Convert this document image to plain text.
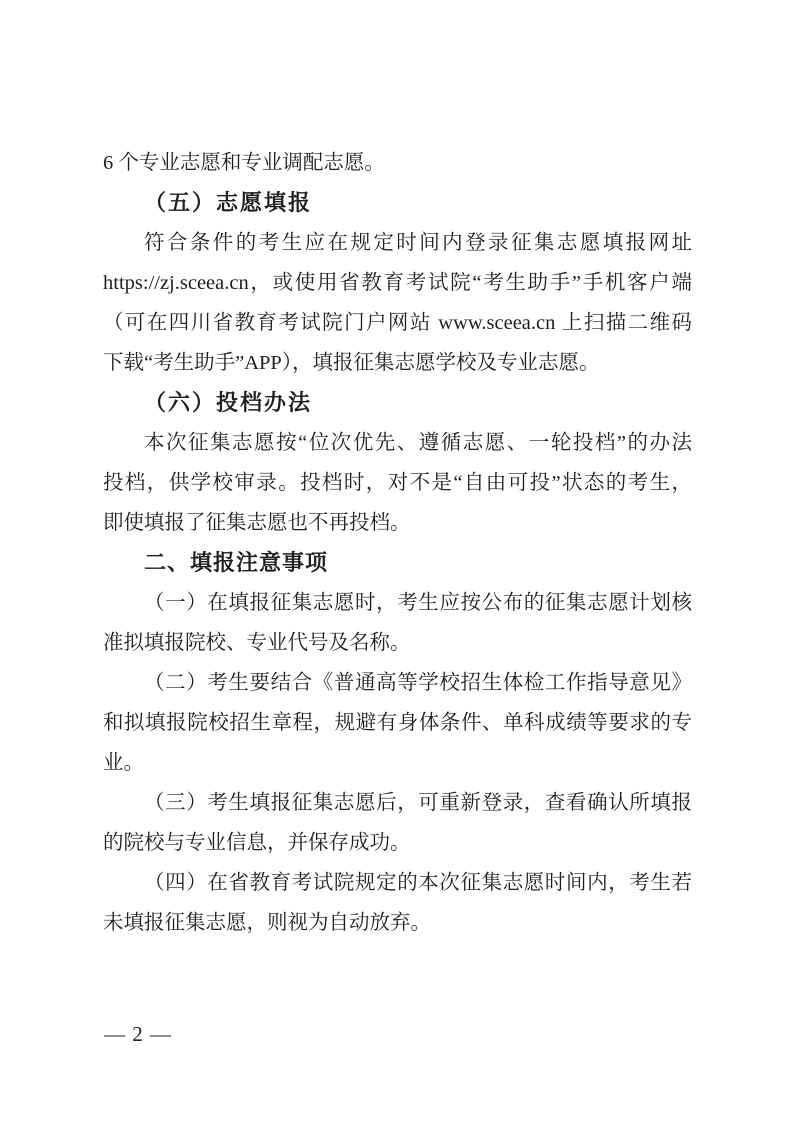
6 个专业志愿和专业调配志愿。
（五）志愿填报
符合条件的考生应在规定时间内登录征集志愿填报网址
https://zj.sceea.cn，或使用省教育考试院“考生助手”手机客户端
（可在四川省教育考试院门户网站 www.sceea.cn 上扫描二维码
下载“考生助手”APP），填报征集志愿学校及专业志愿。
（六）投档办法
本次征集志愿按“位次优先、遵循志愿、一轮投档”的办法
投档，供学校审录。投档时，对不是“自由可投”状态的考生，
即使填报了征集志愿也不再投档。
二、填报注意事项
（一）在填报征集志愿时，考生应按公布的征集志愿计划核
准拟填报院校、专业代号及名称。
（二）考生要结合《普通高等学校招生体检工作指导意见》
和拟填报院校招生章程，规避有身体条件、单科成绩等要求的专
业。
（三）考生填报征集志愿后，可重新登录，查看确认所填报
的院校与专业信息，并保存成功。
（四）在省教育考试院规定的本次征集志愿时间内，考生若
未填报征集志愿，则视为自动放弃。
— 2 —
